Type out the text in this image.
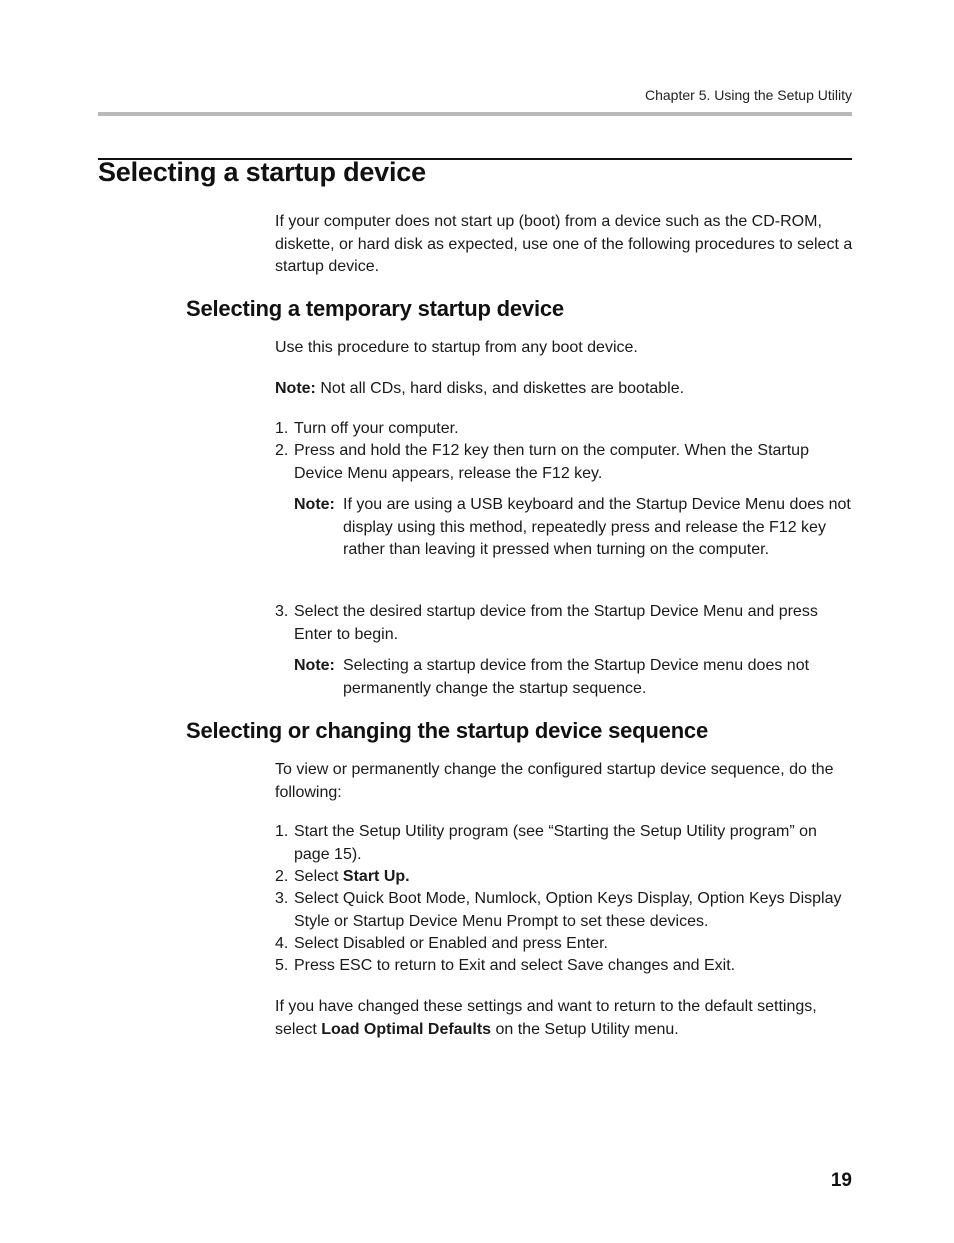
Chapter 5. Using the Setup Utility
Selecting a startup device

If your computer does not start up (boot) from a device such as the CD-ROM, diskette, or hard disk as expected, use one of the following procedures to select a startup device.

Selecting a temporary startup device

Use this procedure to startup from any boot device.

Note: Not all CDs, hard disks, and diskettes are bootable.

1. Turn off your computer.
2. Press and hold the F12 key then turn on the computer. When the Startup Device Menu appears, release the F12 key.
Note: If you are using a USB keyboard and the Startup Device Menu does not display using this method, repeatedly press and release the F12 key rather than leaving it pressed when turning on the computer.
3. Select the desired startup device from the Startup Device Menu and press Enter to begin.
Note: Selecting a startup device from the Startup Device menu does not permanently change the startup sequence.
Selecting or changing the startup device sequence

To view or permanently change the configured startup device sequence, do the following:

1. Start the Setup Utility program (see “Starting the Setup Utility program” on page 15).
2. Select Start Up.
3. Select Quick Boot Mode, Numlock, Option Keys Display, Option Keys Display Style or Startup Device Menu Prompt to set these devices.
4. Select Disabled or Enabled and press Enter.
5. Press ESC to return to Exit and select Save changes and Exit.

If you have changed these settings and want to return to the default settings, select Load Optimal Defaults on the Setup Utility menu.

19
